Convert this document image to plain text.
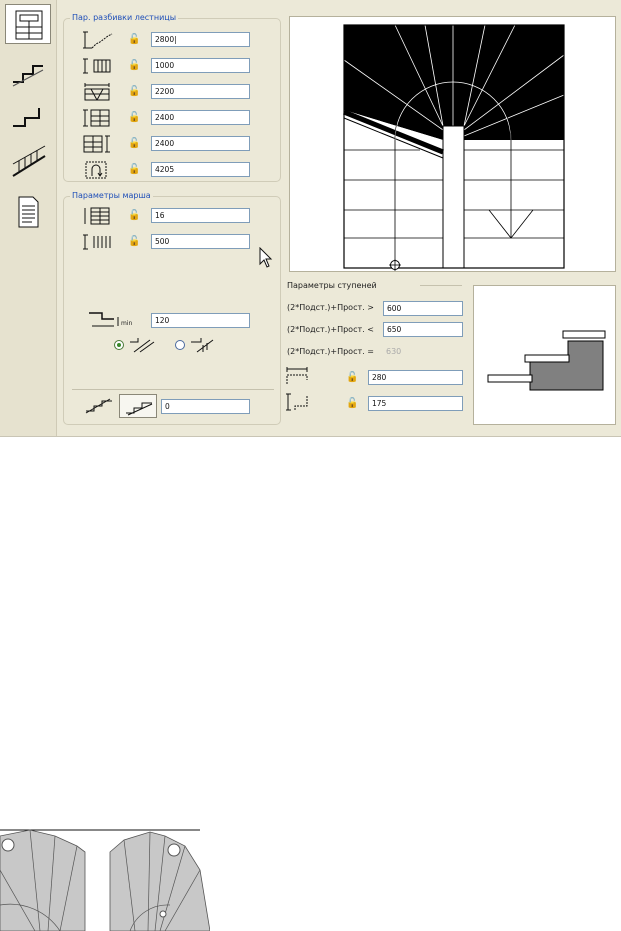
Пар. разбивки лестницы
🔓	2800|
🔓	1000
🔓	2200
🔓	2400
🔓	2400
🔓	4205
Параметры марша
🔓	16
🔓	500
min	120
0
Параметры ступеней
(2*Подст.)+Прост. >	600
(2*Подст.)+Прост. <	650
(2*Подст.)+Прост. = 630
🔓	280
🔓	175
